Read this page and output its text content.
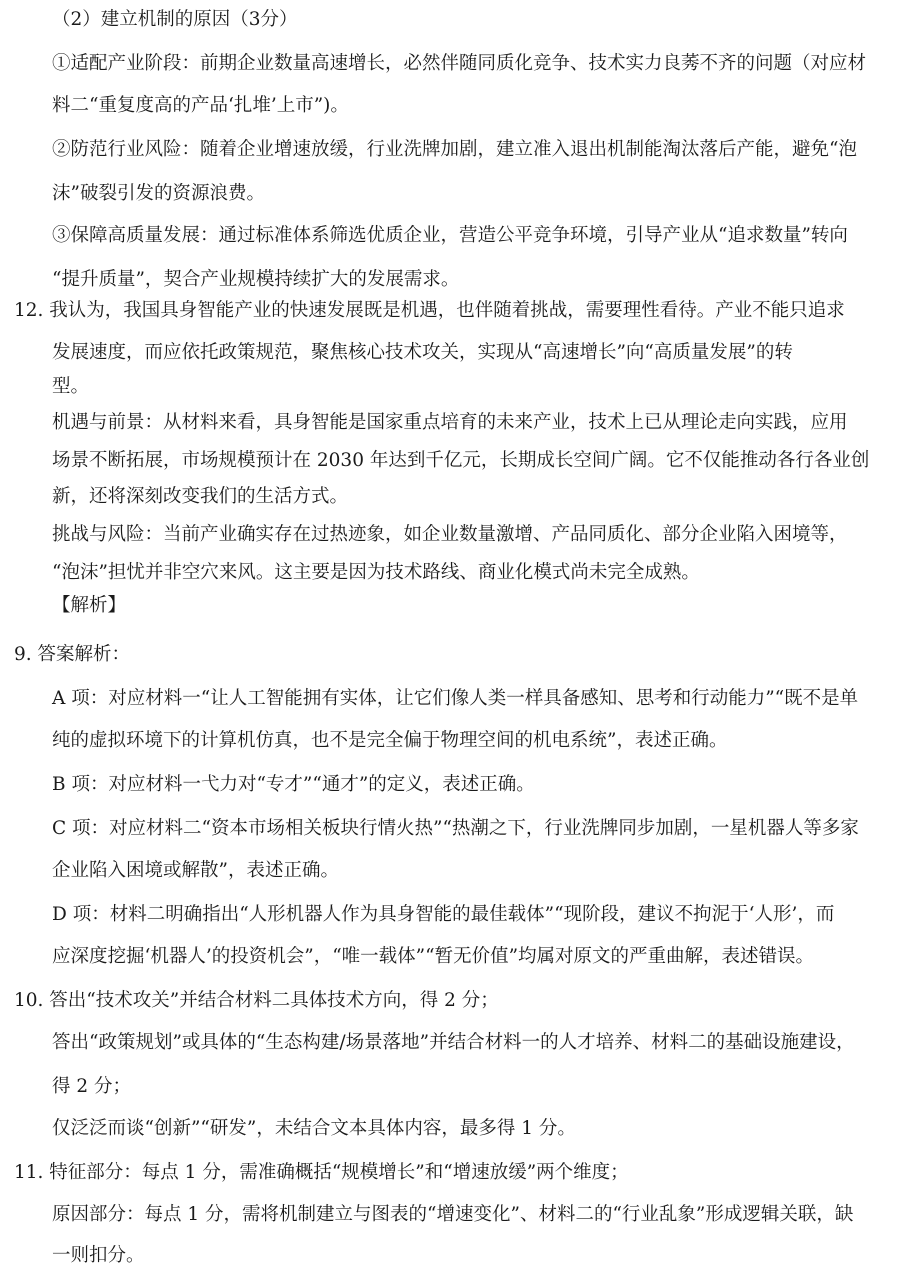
（2）建立机制的原因（3分）
①适配产业阶段：前期企业数量高速增长，必然伴随同质化竞争、技术实力良莠不齐的问题（对应材
料二“重复度高的产品‘扎堆’上市”)。
②防范行业风险：随着企业增速放缓，行业洗牌加剧，建立准入退出机制能淘汰落后产能，避免“泡
沫”破裂引发的资源浪费。
③保障高质量发展：通过标准体系筛选优质企业，营造公平竞争环境，引导产业从“追求数量”转向
“提升质量”，契合产业规模持续扩大的发展需求。
12. 我认为，我国具身智能产业的快速发展既是机遇，也伴随着挑战，需要理性看待。产业不能只追求
发展速度，而应依托政策规范，聚焦核心技术攻关，实现从“高速增长”向“高质量发展”的转
型。
机遇与前景：从材料来看，具身智能是国家重点培育的未来产业，技术上已从理论走向实践，应用
场景不断拓展，市场规模预计在 2030 年达到千亿元，长期成长空间广阔。它不仅能推动各行各业创
新，还将深刻改变我们的生活方式。
挑战与风险：当前产业确实存在过热迹象，如企业数量激增、产品同质化、部分企业陷入困境等，
“泡沫”担忧并非空穴来风。这主要是因为技术路线、商业化模式尚未完全成熟。
【解析】
9. 答案解析：
A 项：对应材料一“让人工智能拥有实体，让它们像人类一样具备感知、思考和行动能力”“既不是单
纯的虚拟环境下的计算机仿真，也不是完全偏于物理空间的机电系统”，表述正确。
B 项：对应材料一弋力对“专才”“通才”的定义，表述正确。
C 项：对应材料二“资本市场相关板块行情火热”“热潮之下，行业洗牌同步加剧，一星机器人等多家
企业陷入困境或解散”，表述正确。
D 项：材料二明确指出“人形机器人作为具身智能的最佳载体”“现阶段，建议不拘泥于‘人形’，而
应深度挖掘‘机器人’的投资机会”，“唯一载体”“暂无价值”均属对原文的严重曲解，表述错误。
10. 答出“技术攻关”并结合材料二具体技术方向，得 2 分；
答出“政策规划”或具体的“生态构建/场景落地”并结合材料一的人才培养、材料二的基础设施建设，
得 2 分；
仅泛泛而谈“创新”“研发”，未结合文本具体内容，最多得 1 分。
11. 特征部分：每点 1 分，需准确概括“规模增长”和“增速放缓”两个维度；
原因部分：每点 1 分，需将机制建立与图表的“增速变化”、材料二的“行业乱象”形成逻辑关联，缺
一则扣分。
